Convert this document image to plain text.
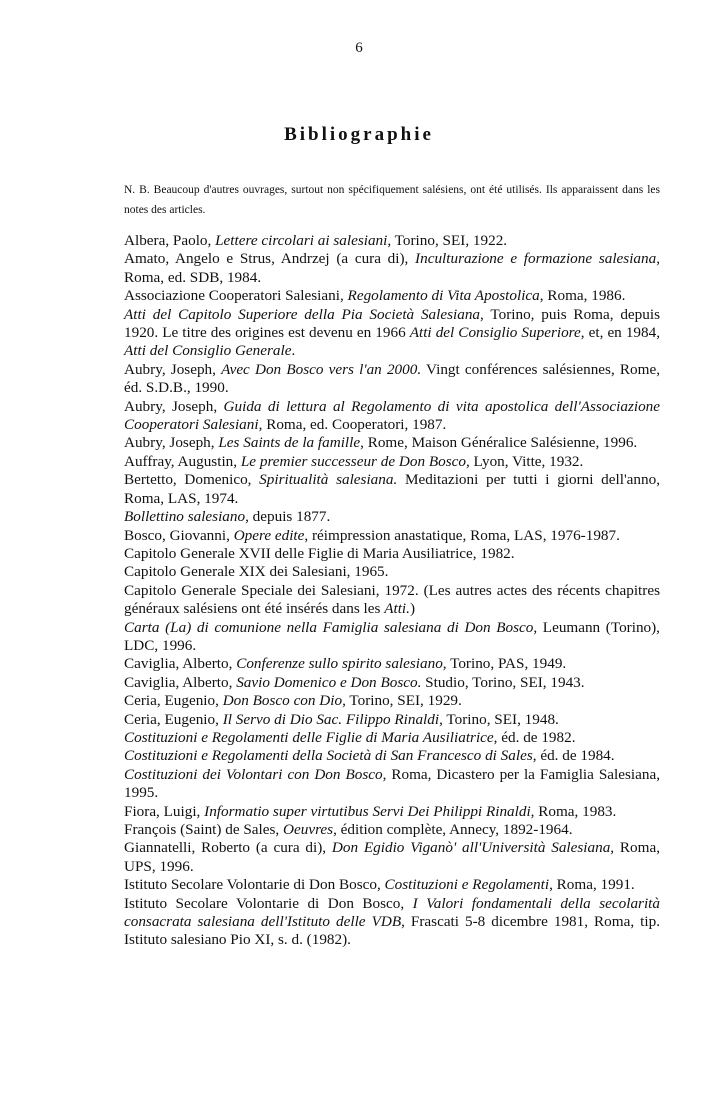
6
Bibliographie
N. B. Beaucoup d'autres ouvrages, surtout non spécifiquement salésiens, ont été utilisés. Ils apparaissent dans les notes des articles.
Albera, Paolo, Lettere circolari ai salesiani, Torino, SEI, 1922.
Amato, Angelo e Strus, Andrzej (a cura di), Inculturazione e formazione salesiana, Roma, ed. SDB, 1984.
Associazione Cooperatori Salesiani, Regolamento di Vita Apostolica, Roma, 1986.
Atti del Capitolo Superiore della Pia Società Salesiana, Torino, puis Roma, depuis 1920. Le titre des origines est devenu en 1966 Atti del Consiglio Superiore, et, en 1984, Atti del Consiglio Generale.
Aubry, Joseph, Avec Don Bosco vers l'an 2000. Vingt conférences salésiennes, Rome, éd. S.D.B., 1990.
Aubry, Joseph, Guida di lettura al Regolamento di vita apostolica dell'Associazione Cooperatori Salesiani, Roma, ed. Cooperatori, 1987.
Aubry, Joseph, Les Saints de la famille, Rome, Maison Généralice Salésienne, 1996.
Auffray, Augustin, Le premier successeur de Don Bosco, Lyon, Vitte, 1932.
Bertetto, Domenico, Spiritualità salesiana. Meditazioni per tutti i giorni dell'anno, Roma, LAS, 1974.
Bollettino salesiano, depuis 1877.
Bosco, Giovanni, Opere edite, réimpression anastatique, Roma, LAS, 1976-1987.
Capitolo Generale XVII delle Figlie di Maria Ausiliatrice, 1982.
Capitolo Generale XIX dei Salesiani, 1965.
Capitolo Generale Speciale dei Salesiani, 1972. (Les autres actes des récents chapitres généraux salésiens ont été insérés dans les Atti.)
Carta (La) di comunione nella Famiglia salesiana di Don Bosco, Leumann (Torino), LDC, 1996.
Caviglia, Alberto, Conferenze sullo spirito salesiano, Torino, PAS, 1949.
Caviglia, Alberto, Savio Domenico e Don Bosco. Studio, Torino, SEI, 1943.
Ceria, Eugenio, Don Bosco con Dio, Torino, SEI, 1929.
Ceria, Eugenio, Il Servo di Dio Sac. Filippo Rinaldi, Torino, SEI, 1948.
Costituzioni e Regolamenti delle Figlie di Maria Ausiliatrice, éd. de 1982.
Costituzioni e Regolamenti della Società di San Francesco di Sales, éd. de 1984.
Costituzioni dei Volontari con Don Bosco, Roma, Dicastero per la Famiglia Salesiana, 1995.
Fiora, Luigi, Informatio super virtutibus Servi Dei Philippi Rinaldi, Roma, 1983.
François (Saint) de Sales, Oeuvres, édition complète, Annecy, 1892-1964.
Giannatelli, Roberto (a cura di), Don Egidio Viganò' all'Università Salesiana, Roma, UPS, 1996.
Istituto Secolare Volontarie di Don Bosco, Costituzioni e Regolamenti, Roma, 1991.
Istituto Secolare Volontarie di Don Bosco, I Valori fondamentali della secolarità consacrata salesiana dell'Istituto delle VDB, Frascati 5-8 dicembre 1981, Roma, tip. Istituto salesiano Pio XI, s. d. (1982).
